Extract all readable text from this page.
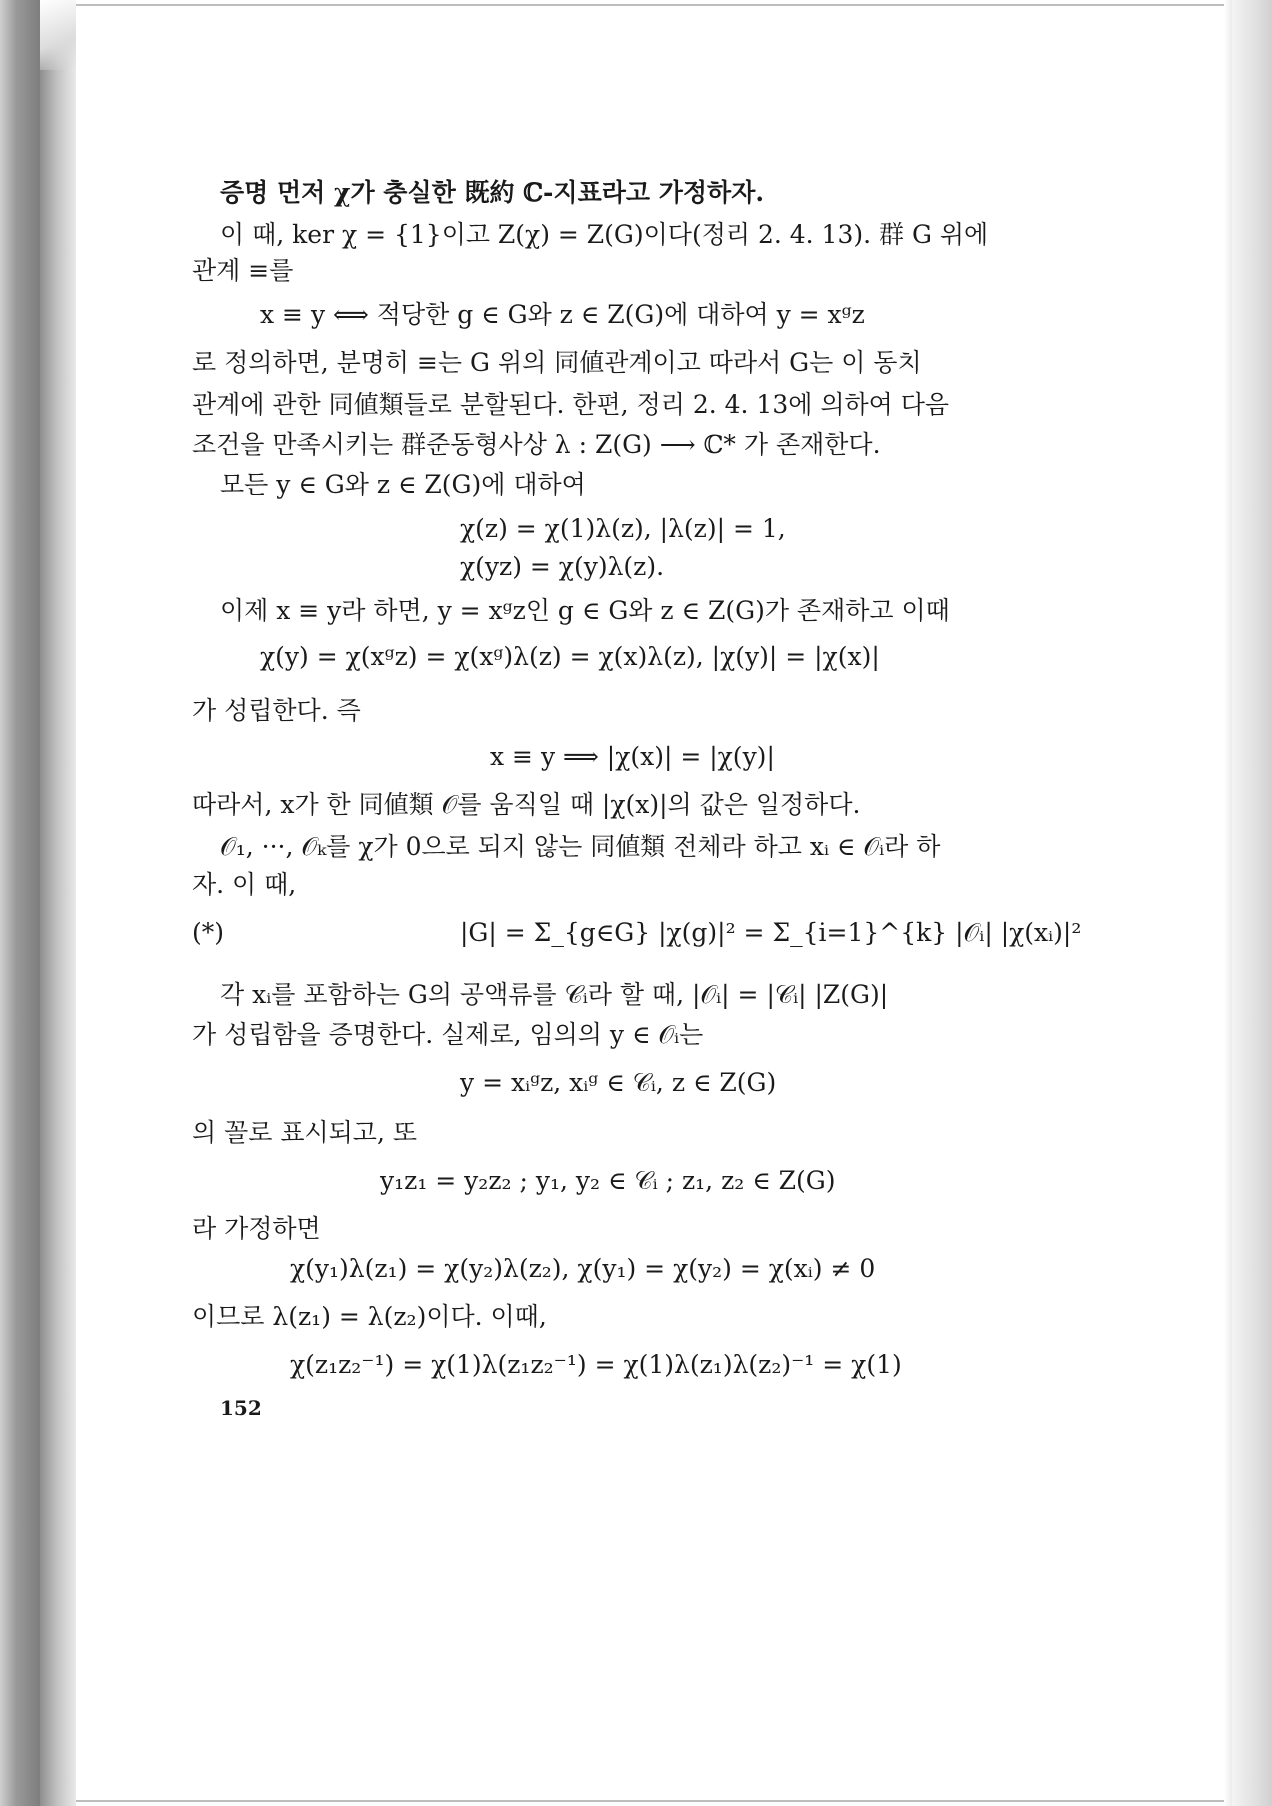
증명 먼저 χ가 충실한 既約 ℂ-지표라고 가정하자.
이 때, ker χ = {1}이고 Z(χ) = Z(G)이다(정리 2. 4. 13). 群 G 위에
관계 ≡를
x ≡ y ⟺ 적당한 g ∈ G와 z ∈ Z(G)에 대하여 y = xᵍz
로 정의하면, 분명히 ≡는 G 위의 同値관계이고 따라서 G는 이 동치
관계에 관한 同値類들로 분할된다. 한편, 정리 2. 4. 13에 의하여 다음
조건을 만족시키는 群준동형사상 λ : Z(G) ⟶ ℂ* 가 존재한다.
모든 y ∈ G와 z ∈ Z(G)에 대하여
χ(z) = χ(1)λ(z), |λ(z)| = 1,
χ(yz) = χ(y)λ(z).
이제 x ≡ y라 하면, y = xᵍz인 g ∈ G와 z ∈ Z(G)가 존재하고 이때
χ(y) = χ(xᵍz) = χ(xᵍ)λ(z) = χ(x)λ(z), |χ(y)| = |χ(x)|
가 성립한다. 즉
x ≡ y ⟹ |χ(x)| = |χ(y)|
따라서, x가 한 同値類 𝒪를 움직일 때 |χ(x)|의 값은 일정하다.
𝒪₁, ···, 𝒪ₖ를 χ가 0으로 되지 않는 同値類 전체라 하고 xᵢ ∈ 𝒪ᵢ라 하
자. 이 때,
(*)	|G| = Σ_{g∈G} |χ(g)|² = Σ_{i=1}^{k} |𝒪ᵢ| |χ(xᵢ)|²
각 xᵢ를 포함하는 G의 공액류를 𝒞ᵢ라 할 때, |𝒪ᵢ| = |𝒞ᵢ| |Z(G)|
가 성립함을 증명한다. 실제로, 임의의 y ∈ 𝒪ᵢ는
y = xᵢᵍz, xᵢᵍ ∈ 𝒞ᵢ, z ∈ Z(G)
의 꼴로 표시되고, 또
y₁z₁ = y₂z₂ ; y₁, y₂ ∈ 𝒞ᵢ ; z₁, z₂ ∈ Z(G)
라 가정하면
χ(y₁)λ(z₁) = χ(y₂)λ(z₂), χ(y₁) = χ(y₂) = χ(xᵢ) ≠ 0
이므로 λ(z₁) = λ(z₂)이다. 이때,
χ(z₁z₂⁻¹) = χ(1)λ(z₁z₂⁻¹) = χ(1)λ(z₁)λ(z₂)⁻¹ = χ(1)
152
